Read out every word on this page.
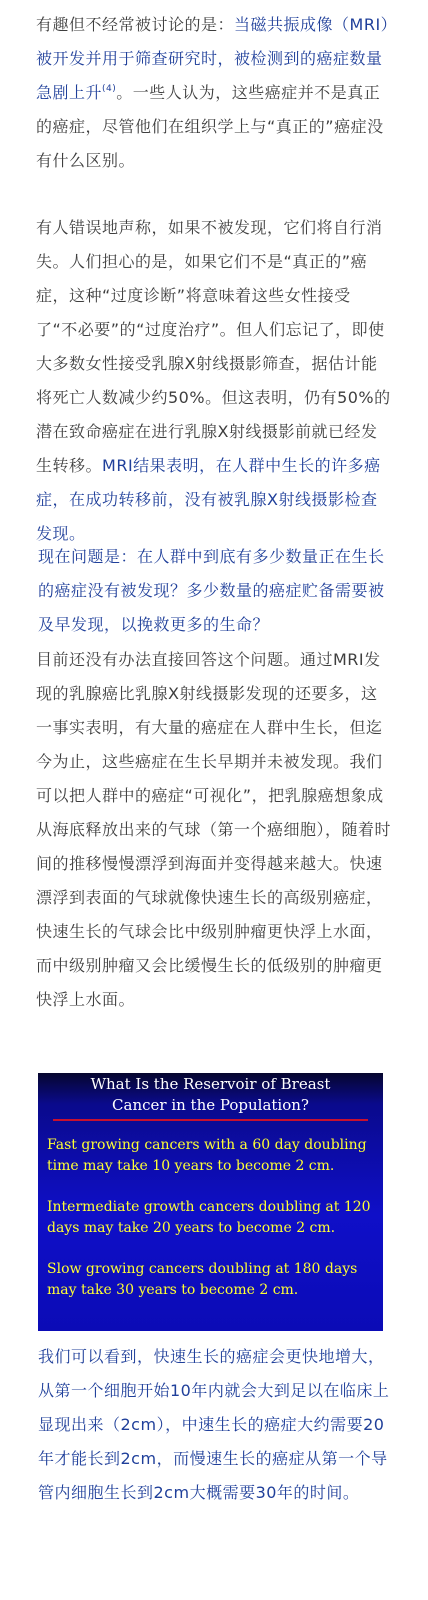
有趣但不经常被讨论的是：当磁共振成像（MRI）被开发并用于筛查研究时，被检测到的癌症数量急剧上升$^{(4)}$。一些人认为，这些癌症并不是真正的癌症，尽管他们在组织学上与“真正的”癌症没有什么区别。

有人错误地声称，如果不被发现，它们将自行消失。人们担心的是，如果它们不是“真正的”癌症，这种“过度诊断”将意味着这些女性接受了“不必要”的“过度治疗”。但人们忘记了，即使大多数女性接受乳腺X射线摄影筛查，据估计能将死亡人数减少约50%。但这表明，仍有50%的潜在致命癌症在进行乳腺X射线摄影前就已经发生转移。MRI结果表明，在人群中生长的许多癌症，在成功转移前，没有被乳腺X射线摄影检查发现。

现在问题是：在人群中到底有多少数量正在生长的癌症没有被发现？多少数量的癌症贮备需要被及早发现，以挽救更多的生命？

目前还没有办法直接回答这个问题。通过MRI发现的乳腺癌比乳腺X射线摄影发现的还要多，这一事实表明，有大量的癌症在人群中生长，但迄今为止，这些癌症在生长早期并未被发现。我们可以把人群中的癌症“可视化”，把乳腺癌想象成从海底释放出来的气球（第一个癌细胞），随着时间的推移慢慢漂浮到海面并变得越来越大。快速漂浮到表面的气球就像快速生长的高级别癌症，快速生长的气球会比中级别肿瘤更快浮上水面，而中级别肿瘤又会比缓慢生长的低级别的肿瘤更快浮上水面。

What Is the Reservoir of Breast
Cancer in the Population?

Fast growing cancers with a 60 day doubling time may take 10 years to become 2 cm.

Intermediate growth cancers doubling at 120 days may take 20 years to become 2 cm.

Slow growing cancers doubling at 180 days may take 30 years to become 2 cm.

我们可以看到，快速生长的癌症会更快地增大，从第一个细胞开始10年内就会大到足以在临床上显现出来（2cm），中速生长的癌症大约需要20年才能长到2cm，而慢速生长的癌症从第一个导管内细胞生长到2cm大概需要30年的时间。
